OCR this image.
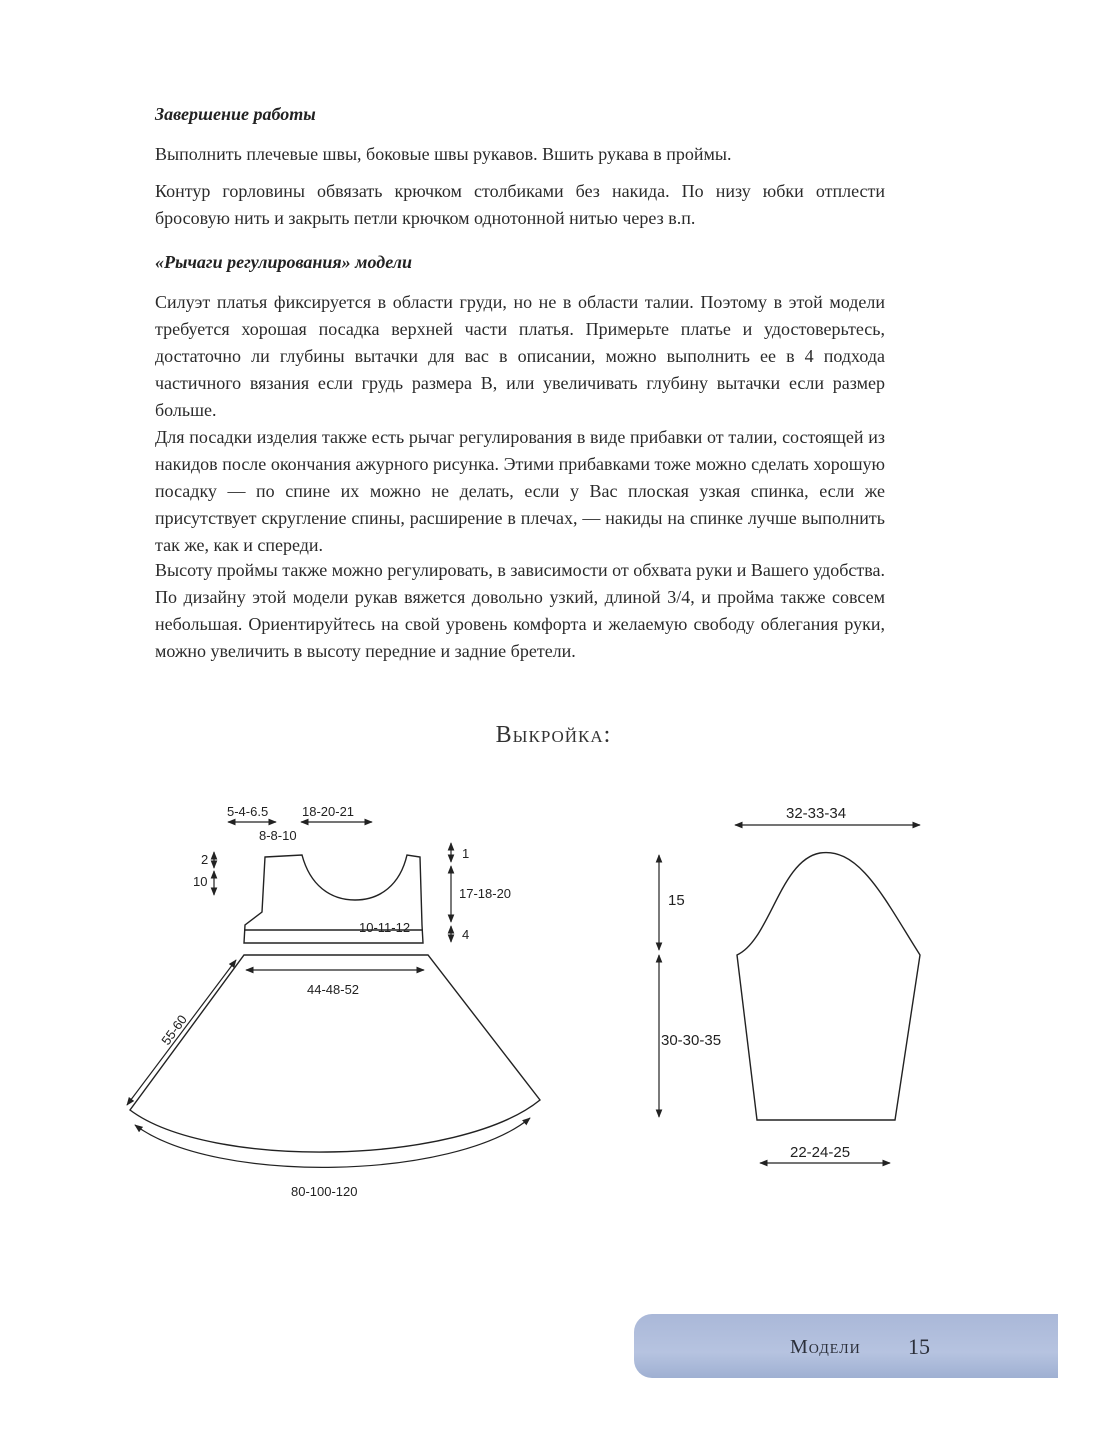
Завершение работы

Выполнить плечевые швы, боковые швы рукавов. Вшить рукава в проймы.

Контур горловины обвязать крючком столбиками без накида. По низу юбки отплести бросовую нить и закрыть петли крючком однотонной нитью через в.п.

«Рычаги регулирования» модели

Силуэт платья фиксируется в области груди, но не в области талии. Поэтому в этой модели требуется хорошая посадка верхней части платья. Примерьте платье и удостоверьтесь, достаточно ли глубины вытачки для вас в описании, можно выполнить ее в 4 подхода частичного вязания если грудь размера В, или увеличивать глубину вытачки если размер больше.

Для посадки изделия также есть рычаг регулирования в виде прибавки от талии, состоящей из накидов после окончания ажурного рисунка. Этими прибавками тоже можно сделать хорошую посадку — по спине их можно не делать, если у Вас плоская узкая спинка, если же присутствует скругление спины, расширение в плечах, — накиды на спинке лучше выполнить так же, как и спереди.

Высоту проймы также можно регулировать, в зависимости от обхвата руки и Вашего удобства. По дизайну этой модели рукав вяжется довольно узкий, длиной 3/4, и пройма также совсем небольшая. Ориентируйтесь на свой уровень комфорта и желаемую свободу облегания руки, можно увеличить в высоту передние и задние бретели.

Выкройка:
5-4-6.5	18-20-21
8-8-10
2
10
1
17-18-20
4
10-11-12
44-48-52
55-60
80-100-120
32-33-34
15
30-30-35
22-24-25
Модели 15
